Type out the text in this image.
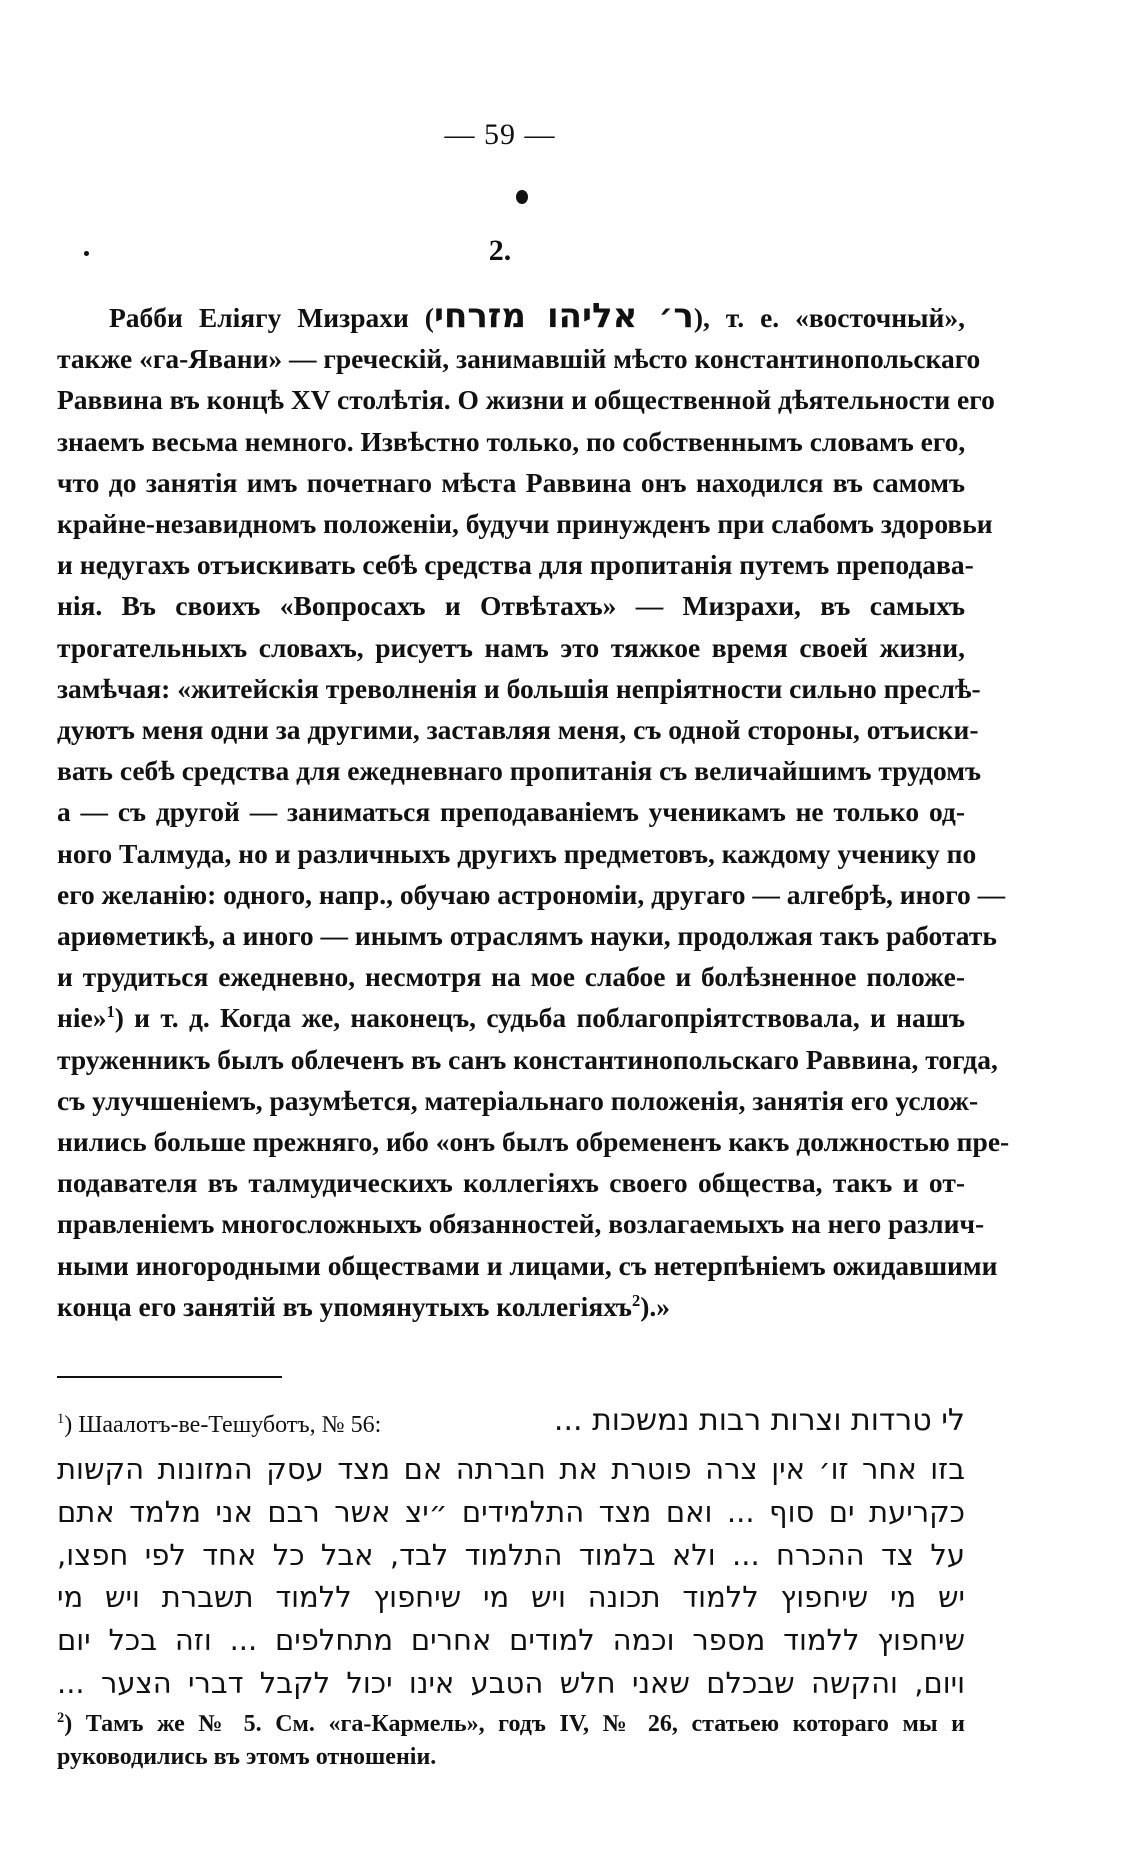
— 59 —
2.
Рабби Еліягу Мизрахи (ר׳ אליהו מזרחי), т. е. «восточный»,
также «га-Явани» — греческій, занимавшій мѣсто константинопольскаго
Раввина въ концѣ XV столѣтія. О жизни и общественной дѣятельности его
знаемъ весьма немного. Извѣстно только, по собственнымъ словамъ его,
что до занятія имъ почетнаго мѣста Раввина онъ находился въ самомъ
крайне-незавидномъ положеніи, будучи принужденъ при слабомъ здоровьи
и недугахъ отъискивать себѣ средства для пропитанія путемъ преподава-
нія. Въ своихъ «Вопросахъ и Отвѣтахъ» — Мизрахи, въ самыхъ
трогательныхъ словахъ, рисуетъ намъ это тяжкое время своей жизни,
замѣчая: «житейскія треволненія и большія непріятности сильно преслѣ-
дуютъ меня одни за другими, заставляя меня, съ одной стороны, отъиски-
вать себѣ средства для ежедневнаго пропитанія съ величайшимъ трудомъ
а — съ другой — заниматься преподаваніемъ ученикамъ не только од-
ного Талмуда, но и различныхъ другихъ предметовъ, каждому ученику по
его желанію: одного, напр., обучаю астрономіи, другаго — алгебрѣ, иного —
ариѳметикѣ, а иного — инымъ отраслямъ науки, продолжая такъ работать
и трудиться ежедневно, несмотря на мое слабое и болѣзненное положе-
ніе»$^1$) и т. д. Когда же, наконецъ, судьба поблагопріятствовала, и нашъ
труженникъ былъ облеченъ въ санъ константинопольскаго Раввина, тогда,
съ улучшеніемъ, разумѣется, матеріальнаго положенія, занятія его услож-
нились больше прежняго, ибо «онъ былъ обремененъ какъ должностью пре-
подавателя въ талмудическихъ коллегіяхъ своего общества, такъ и от-
правленіемъ многосложныхъ обязанностей, возлагаемыхъ на него различ-
ными иногородными обществами и лицами, съ нетерпѣніемъ ожидавшими
конца его занятій въ упомянутыхъ коллегіяхъ$^2$).»
$^1$) Шаалотъ-ве-Тешуботъ, № 56:	לי טרדות וצרות רבות נמשכות ...
בזו אחר זו׳ אין צרה פוטרת את חברתה אם מצד עסק המזונות הקשות
כקריעת ים סוף ... ואם מצד התלמידים ״יצ אשר רבם אני מלמד אתם
על צד ההכרח ... ולא בלמוד התלמוד לבד, אבל כל אחד לפי חפצו,
יש מי שיחפוץ ללמוד תכונה ויש מי שיחפוץ ללמוד תשברת ויש מי
שיחפוץ ללמוד מספר וכמה למודים אחרים מתחלפים ... וזה בכל יום
ויום, והקשה שבכלם שאני חלש הטבע אינו יכול לקבל דברי הצער ...
$^2$) Тамъ же № 5. См. «га-Кармель», годъ IV, № 26, статьею котораго мы и
руководились въ этомъ отношеніи.
